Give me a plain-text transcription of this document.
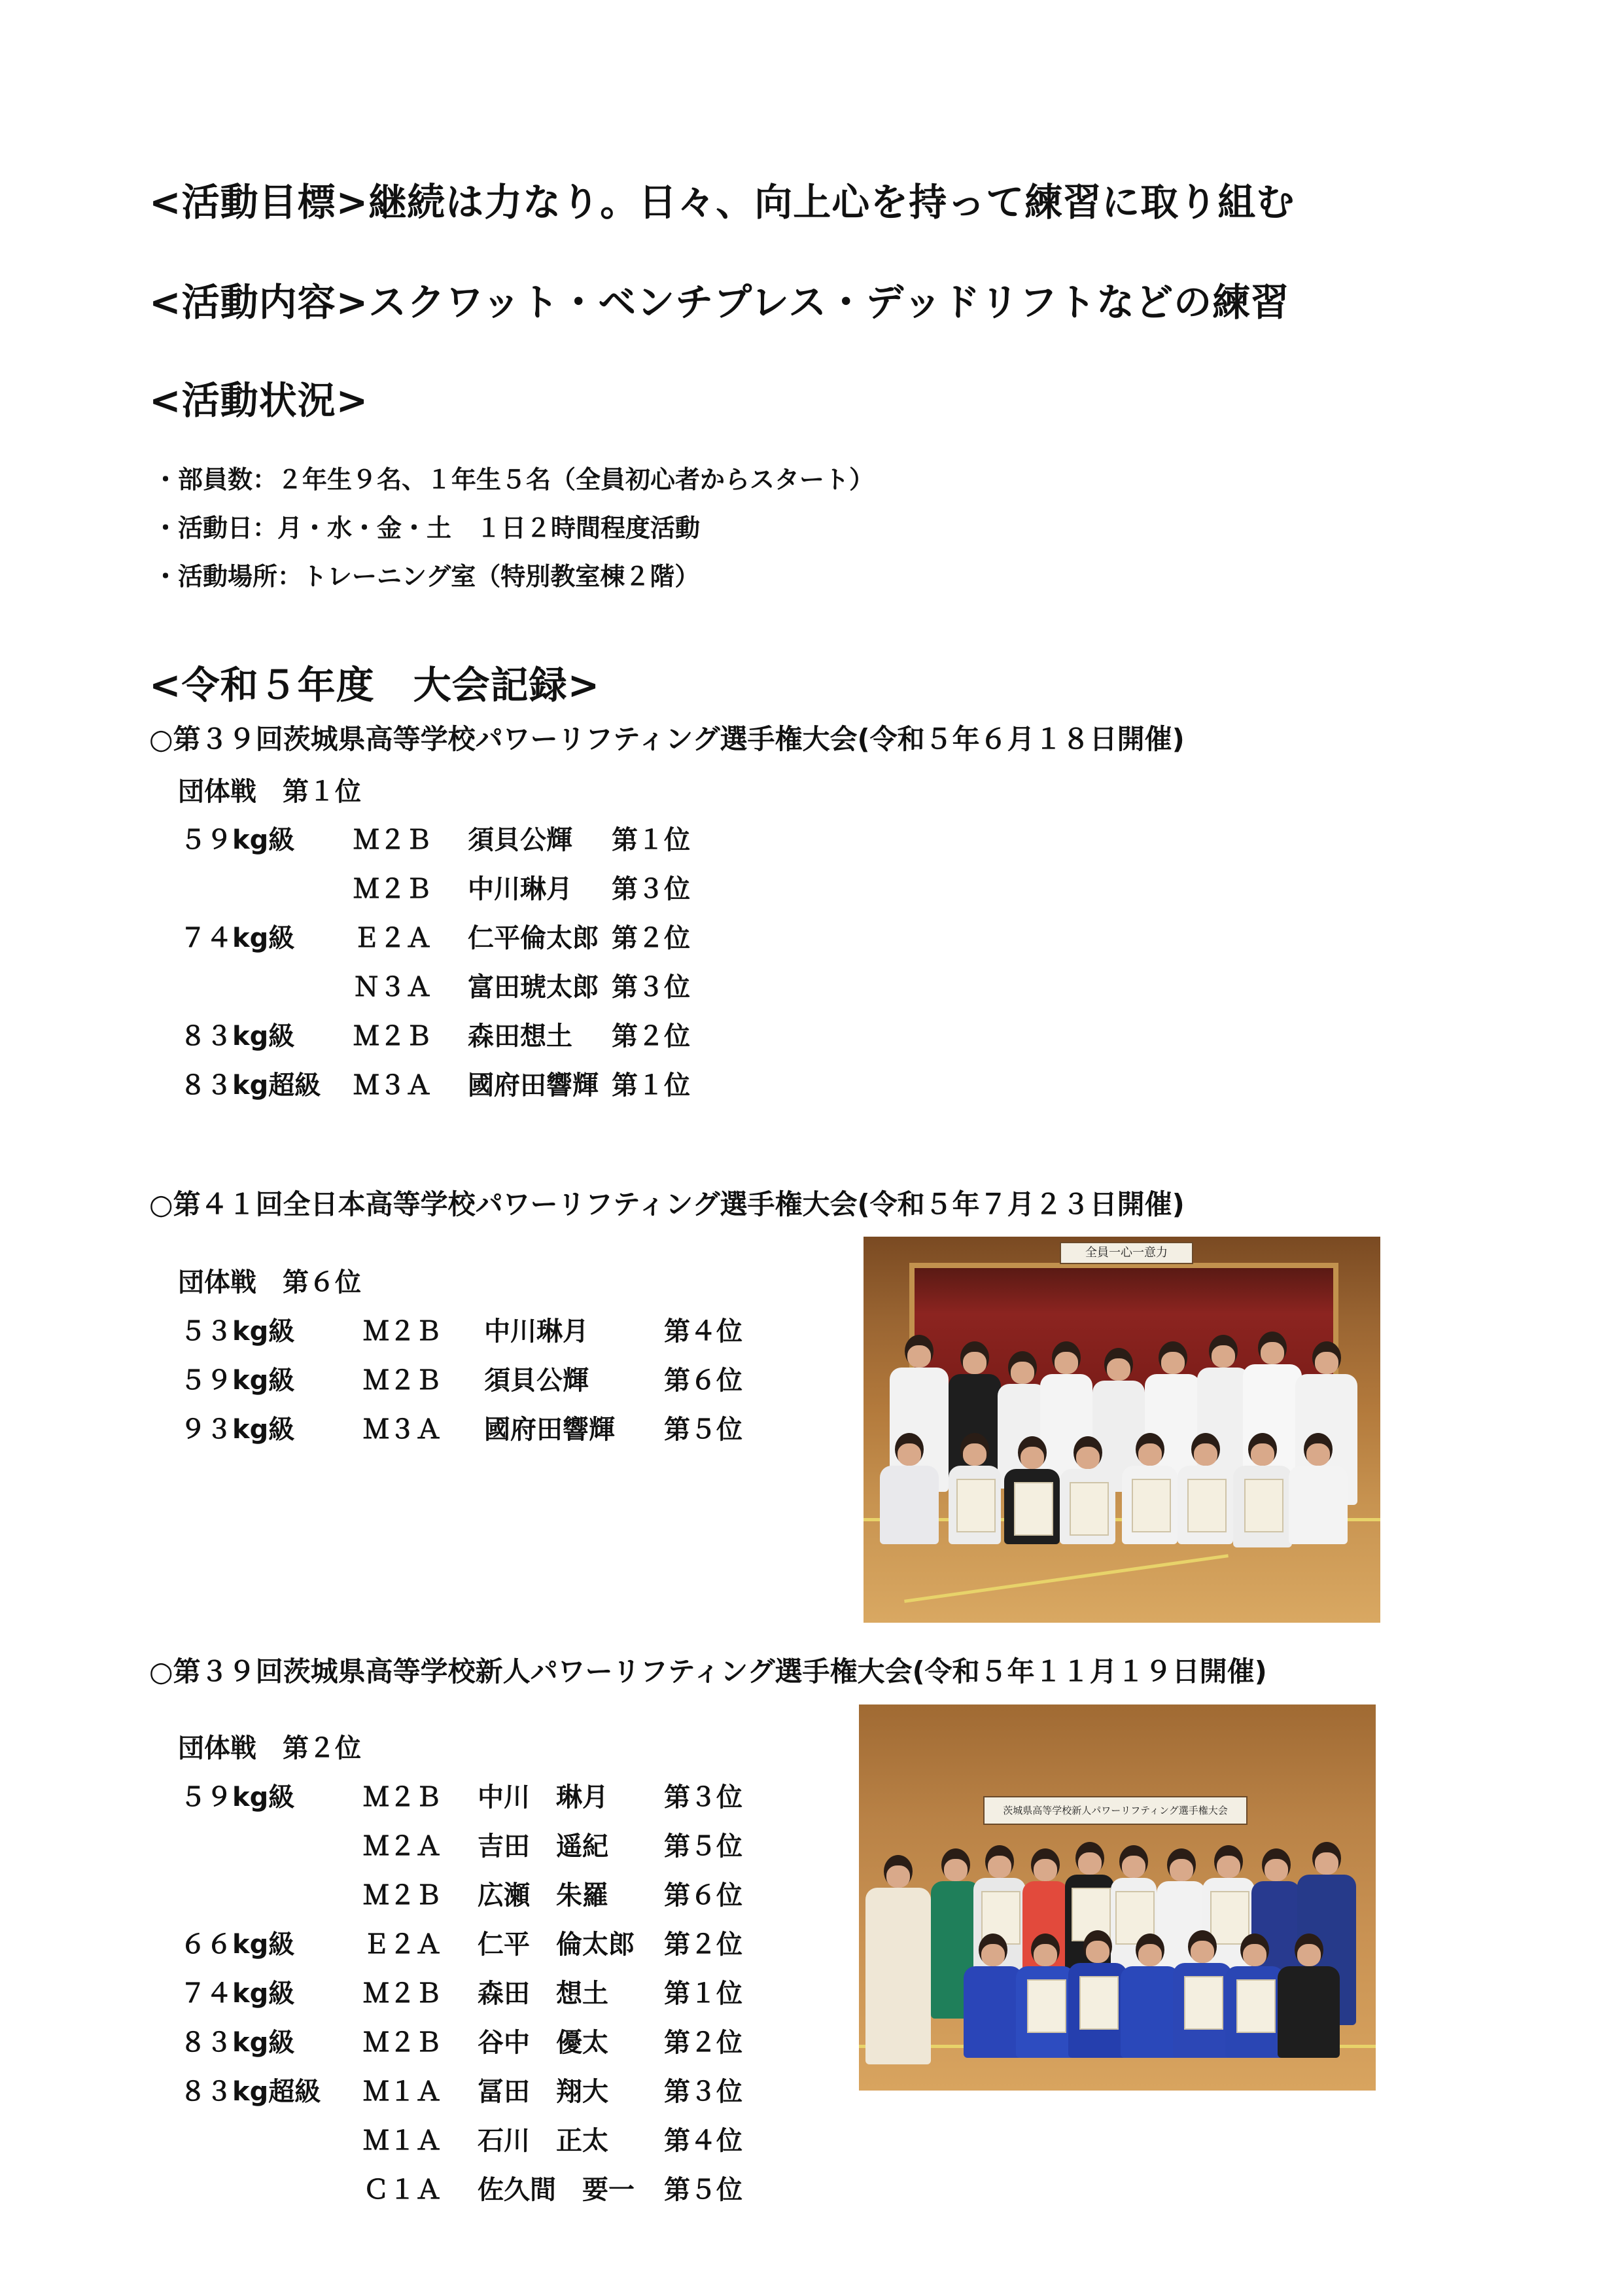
<活動目標>継続は力なり。日々、向上心を持って練習に取り組む
<活動内容>スクワット・ベンチプレス・デッドリフトなどの練習
<活動状況>
・部員数：２年生９名、１年生５名（全員初心者からスタート）
・活動日：月・水・金・土　１日２時間程度活動
・活動場所：トレーニング室（特別教室棟２階）
<令和５年度　大会記録>
○第３９回茨城県高等学校パワーリフティング選手権大会(令和５年６月１８日開催)
団体戦　第１位
５９kg級 Ｍ２Ｂ 須貝公輝 第１位
Ｍ２Ｂ 中川琳月 第３位
７４kg級 Ｅ２Ａ 仁平倫太郎 第２位
Ｎ３Ａ 富田琥太郎 第３位
８３kg級 Ｍ２Ｂ 森田想土 第２位
８３kg超級 Ｍ３Ａ 國府田響輝 第１位
○第４１回全日本高等学校パワーリフティング選手権大会(令和５年７月２３日開催)
団体戦　第６位
５３kg級	Ｍ２Ｂ 中川琳月	第４位
５９kg級	Ｍ２Ｂ 須貝公輝	第６位
９３kg級	Ｍ３Ａ 國府田響輝 第５位
全員一心一意力
○第３９回茨城県高等学校新人パワーリフティング選手権大会(令和５年１１月１９日開催)
団体戦　第２位
５９kg級	Ｍ２Ｂ 中川　琳月 第３位
Ｍ２Ａ 吉田　遥紀 第５位
Ｍ２Ｂ 広瀬　朱羅 第６位
６６kg級	Ｅ２Ａ 仁平　倫太郎 第２位
７４kg級	Ｍ２Ｂ 森田　想土 第１位
８３kg級	Ｍ２Ｂ 谷中　優太 第２位
８３kg超級 Ｍ１Ａ 冨田　翔大 第３位
Ｍ１Ａ 石川　正太 第４位
Ｃ１Ａ 佐久間　要一 第５位
茨城県高等学校新人パワーリフティング選手権大会
